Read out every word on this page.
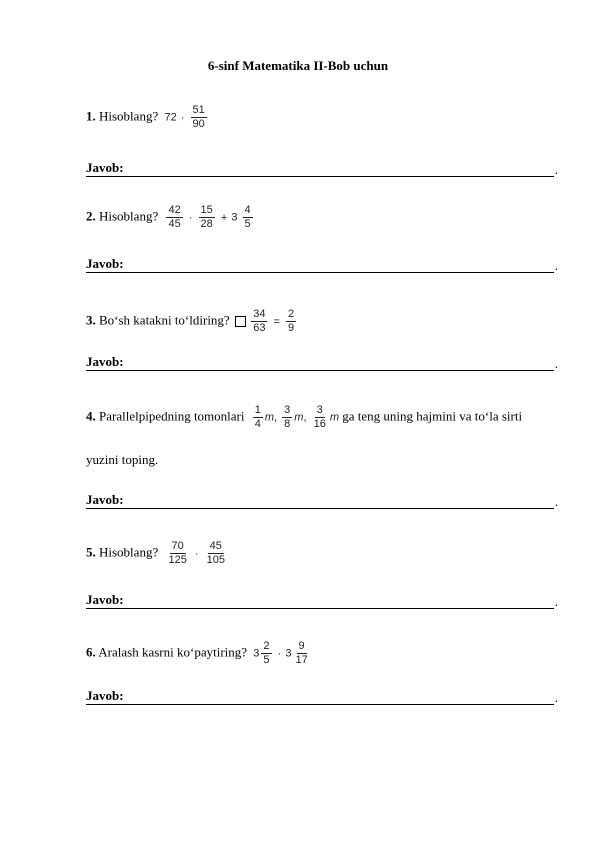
6-sinf Matematika II-Bob uchun
1. Hisoblang? $72 \cdot \frac{51}{90}$
Javob:	.
2. Hisoblang? $\frac{42}{45} \cdot \frac{15}{28} + 3 \frac{4}{5}$
Javob:	.
3. Bo‘sh katakni to‘ldiring? $\frac{34}{63} = \frac{2}{9}$
Javob:	.
4. Parallelpipedning tomonlari $\frac{1}{4} m$, $\frac{3}{8} m$, $\frac{3}{16}$ m ga teng uning hajmini va to‘la sirti
yuzini toping.
Javob:	.
5. Hisoblang? $\frac{70}{125} \cdot \frac{45}{105}$
Javob:	.
6. Aralash kasrni ko‘paytiring? $3 \frac{2}{5} \cdot 3 \frac{9}{17}$
Javob:	.
